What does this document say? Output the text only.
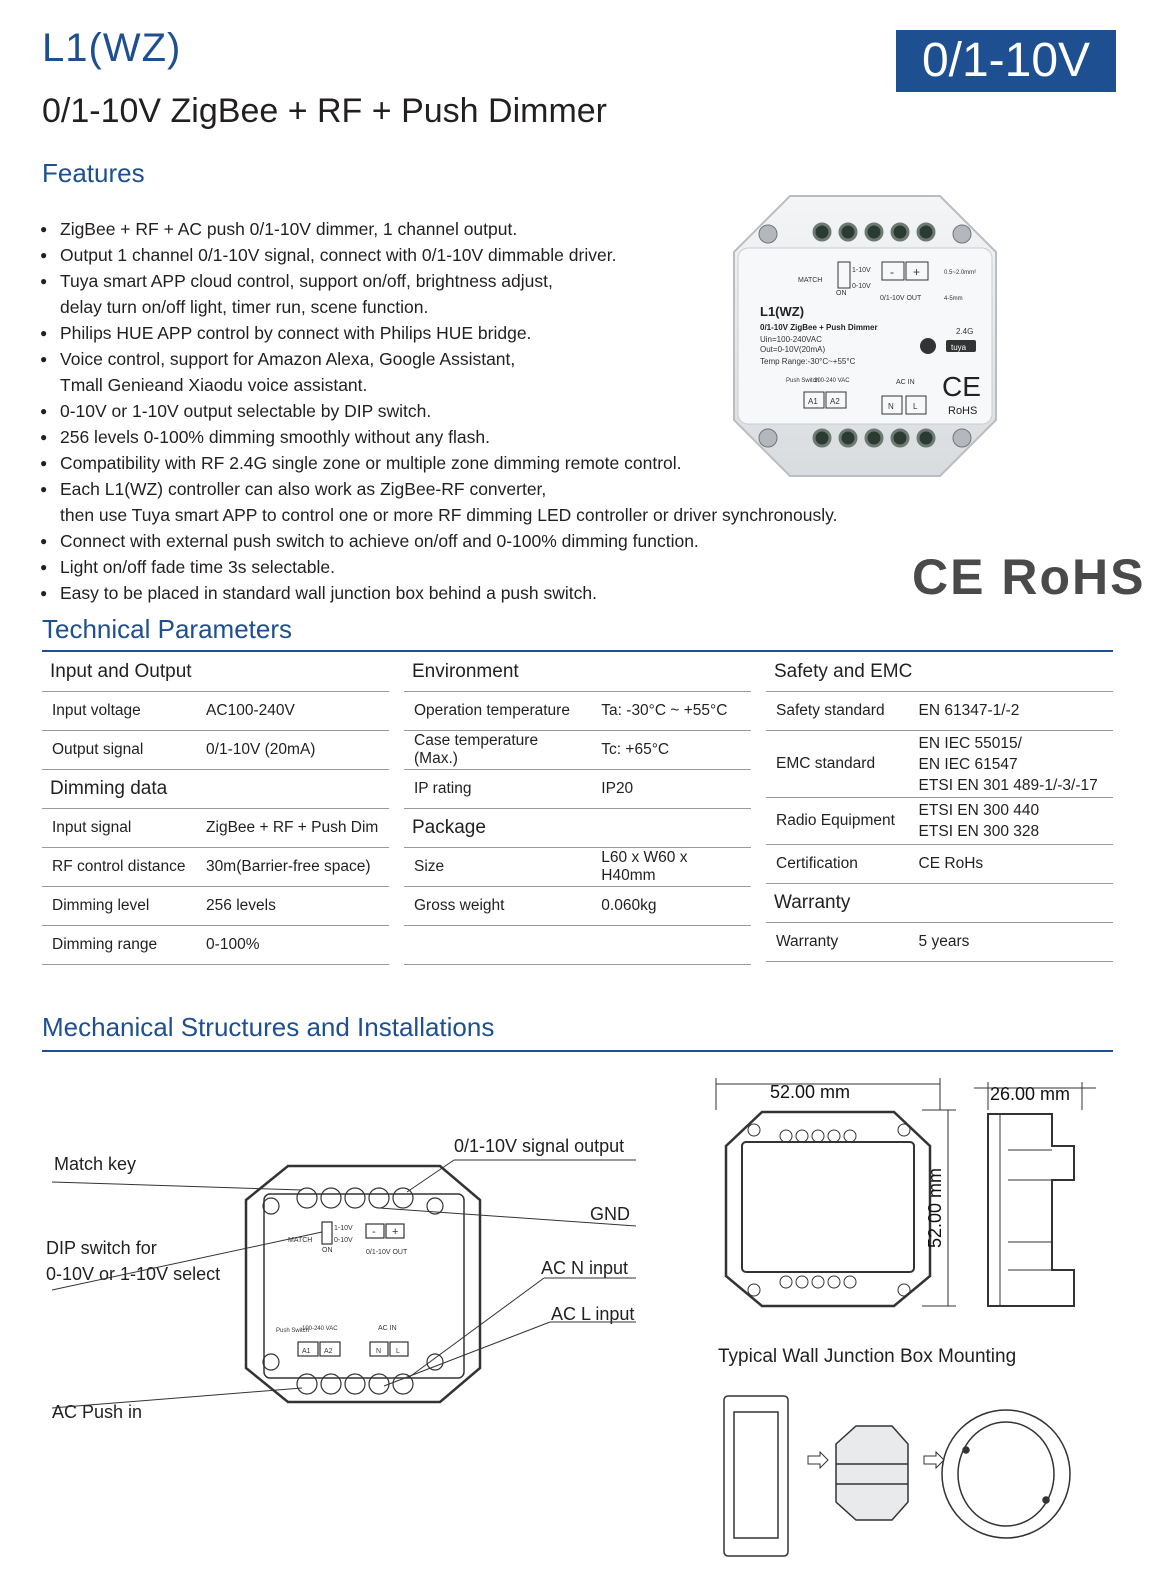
L1(WZ)	0/1-10V
0/1-10V ZigBee + RF + Push Dimmer
Features
● ZigBee + RF + AC push 0/1-10V dimmer, 1 channel output.
● Output 1 channel 0/1-10V signal, connect with 0/1-10V dimmable driver.
● Tuya smart APP cloud control, support on/off, brightness adjust,
delay turn on/off light, timer run, scene function.
● Philips HUE APP control by connect with Philips HUE bridge.
● Voice control, support for Amazon Alexa, Google Assistant,
Tmall Genieand Xiaodu voice assistant.
● 0-10V or 1-10V output selectable by DIP switch.
● 256 levels 0-100% dimming smoothly without any flash.
● Compatibility with RF 2.4G single zone or multiple zone dimming remote control.
● Each L1(WZ) controller can also work as ZigBee-RF converter,
then use Tuya smart APP to control one or more RF dimming LED controller or driver synchronously.
● Connect with external push switch to achieve on/off and 0-100% dimming function.
● Light on/off fade time 3s selectable.
● Easy to be placed in standard wall junction box behind a push switch.
MATCH
1-10V
0-10V
ON
- +
0/1-10V OUT
0.5~2.0mm²
4-5mm
L1(WZ)
0/1-10V ZigBee + Push Dimmer
Uin=100-240VAC
Out=0-10V(20mA)
Temp Range:-30°C~+55°C
Push Switch
100-240 VAC
A1 A2
AC IN
N L
2.4G
tuya
CE
RoHS
CE RoHS
Technical Parameters
Input and Output	
Input voltage	AC100-240V
Output signal	0/1-10V (20mA)
Dimming data	
Input signal	ZigBee + RF + Push Dim
RF control distance	30m(Barrier-free space)
Dimming level	256 levels
Dimming range	0-100%
Environment	
Operation temperature	Ta: -30°C ~ +55°C
Case temperature (Max.)	Tc: +65°C
IP rating	IP20
Package	
Size	L60 x W60 x H40mm
Gross weight	0.060kg

Safety and EMC	
Safety standard	EN 61347-1/-2
EMC standard	EN IEC 55015/
EN IEC 61547
ETSI EN 301 489-1/-3/-17

Radio Equipment	ETSI EN 300 440
ETSI EN 300 328

Certification	CE RoHs
Warranty	
Warranty	5 years
Mechanical Structures and Installations
Match key
DIP switch for
0-10V or 1-10V select
AC Push in
0/1-10V signal output
GND
AC N input
AC L input
MATCH
1-10V
0-10V
ON
- +
0/1-10V OUT
Push Switch
100-240 VAC
A1 A2
AC IN
N L
52.00 mm	26.00 mm
52.00 mm
Typical Wall Junction Box Mounting
